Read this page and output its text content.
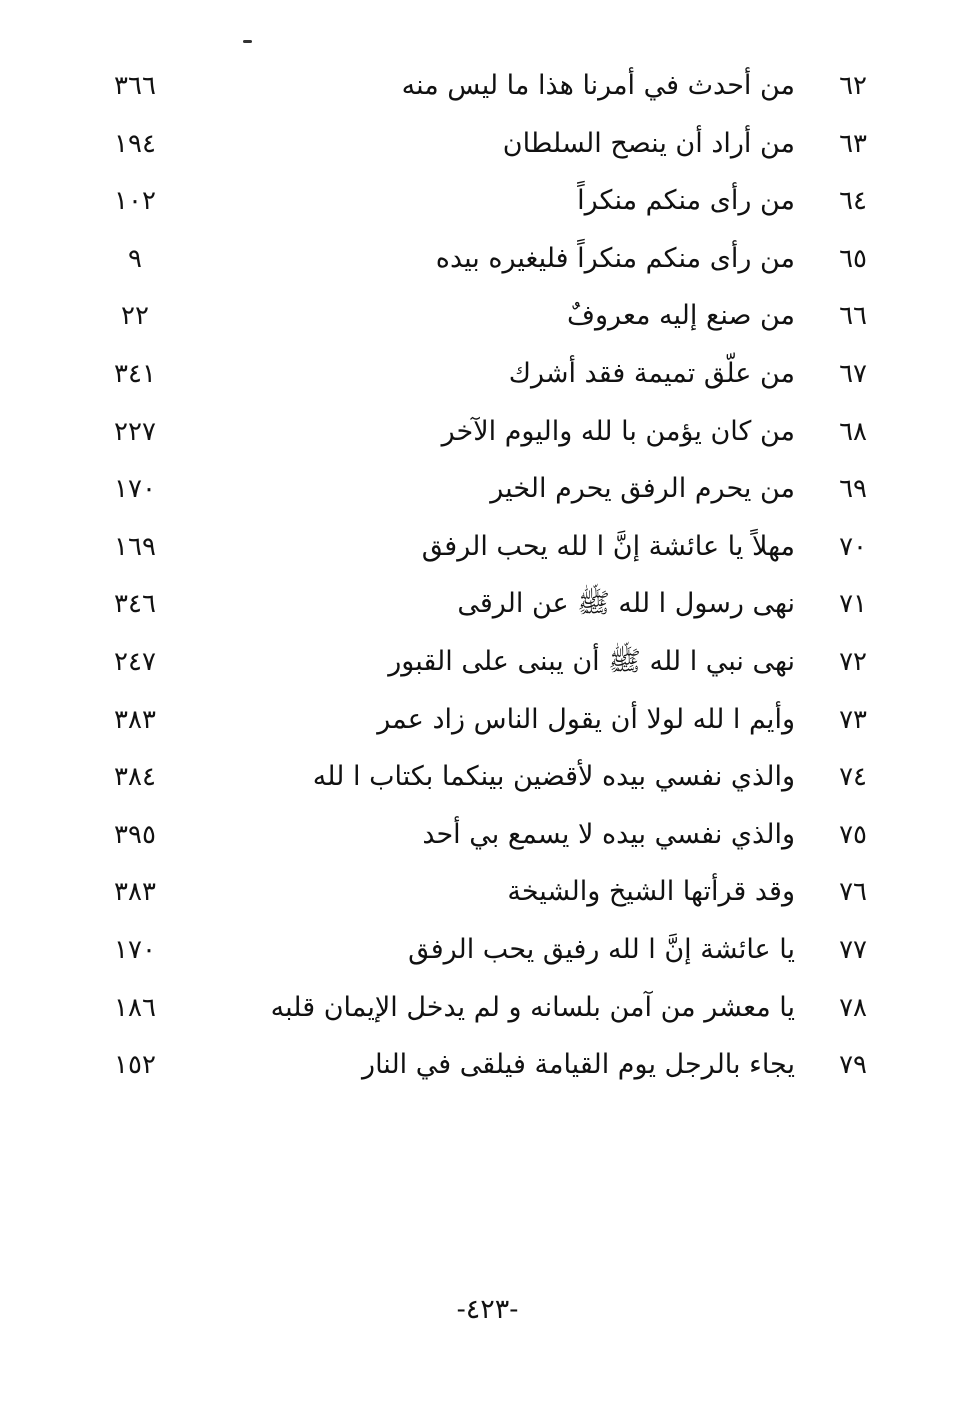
٦٢
من أحدث في أمرنا هذا ما ليس منه
٣٦٦
٦٣
من أراد أن ينصح السلطان
١٩٤
٦٤
من رأى منكم منكراً
١٠٢
٦٥
من رأى منكم منكراً فليغيره بيده
٩
٦٦
من صنع إليه معروفٌ
٢٢
٦٧
من علّق تميمة فقد أشرك
٣٤١
٦٨
من كان يؤمن با لله واليوم الآخر
٢٢٧
٦٩
من يحرم الرفق يحرم الخير
١٧٠
٧٠
مهلاً يا عائشة إنَّ ا لله يحب الرفق
١٦٩
٧١
نهى رسول ا لله ﷺ عن الرقى
٣٤٦
٧٢
نهى نبي ا لله ﷺ أن يبنى على القبور
٢٤٧
٧٣
وأيم ا لله لولا أن يقول الناس زاد عمر
٣٨٣
٧٤
والذي نفسي بيده لأقضين بينكما بكتاب ا لله
٣٨٤
٧٥
والذي نفسي بيده لا يسمع بي أحد
٣٩٥
٧٦
وقد قرأتها الشيخ والشيخة
٣٨٣
٧٧
يا عائشة إنَّ ا لله رفيق يحب الرفق
١٧٠
٧٨
يا معشر من آمن بلسانه و لم يدخل الإيمان قلبه
١٨٦
٧٩
يجاء بالرجل يوم القيامة فيلقى في النار
١٥٢
-٤٢٣-
